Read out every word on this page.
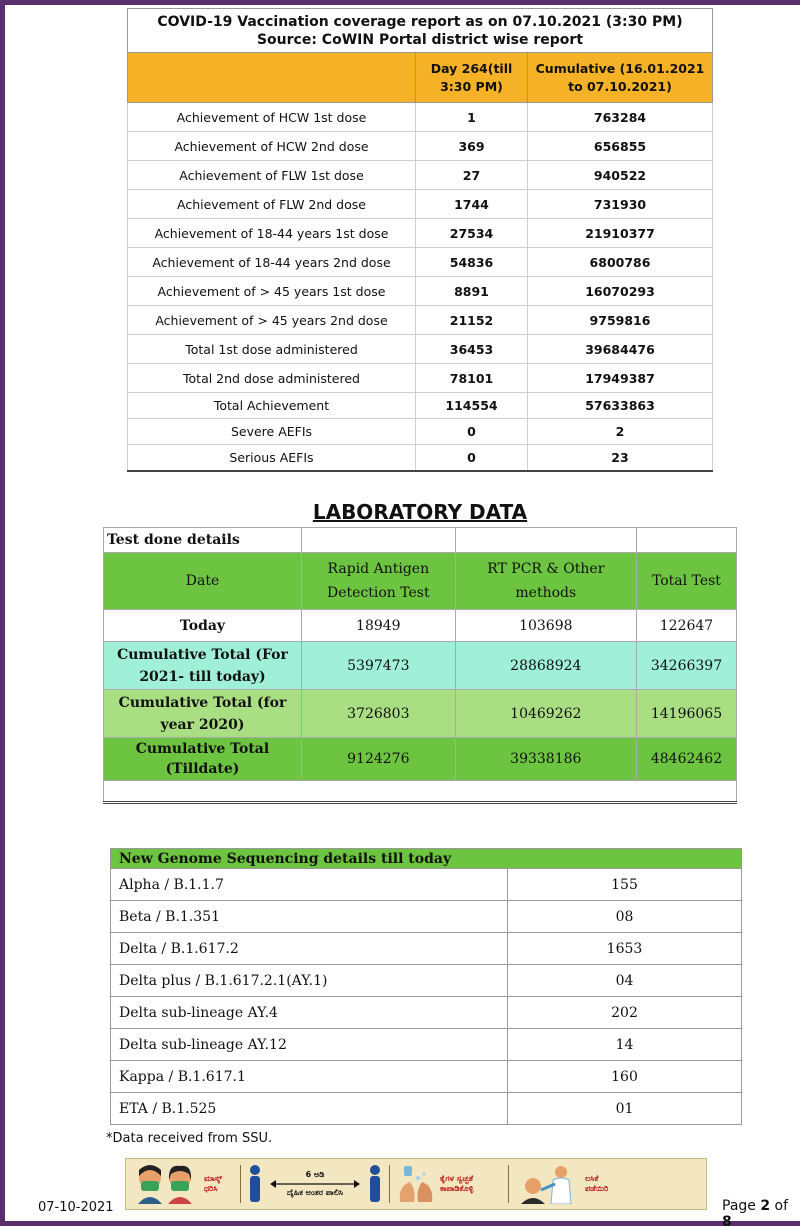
COVID-19 Vaccination coverage report as on 07.10.2021 (3:30 PM)
Source: CoWIN Portal district wise report		

	Day 264(till 3:30 PM)	Cumulative (16.01.2021 to 07.10.2021)

Achievement of HCW 1st dose	1	763284
Achievement of HCW 2nd dose	369	656855
Achievement of FLW 1st dose	27	940522
Achievement of FLW 2nd dose	1744	731930
Achievement of 18-44 years 1st dose	27534	21910377
Achievement of 18-44 years 2nd dose	54836	6800786
Achievement of > 45 years 1st dose	8891	16070293
Achievement of > 45 years 2nd dose	21152	9759816
Total 1st dose administered	36453	39684476
Total 2nd dose administered	78101	17949387
Total Achievement	114554	57633863
Severe AEFIs	0	2
Serious AEFIs	0	23
LABORATORY DATA
Test done details			
Date	Rapid Antigen Detection Test	RT PCR & Other methods	Total Test
Today	18949	103698	122647
Cumulative Total (For 2021- till today)	5397473	28868924	34266397
Cumulative Total (for year 2020)	3726803	10469262	14196065
Cumulative Total (Tilldate)	9124276	39338186	48462462

New Genome Sequencing details till today	
Alpha / B.1.1.7	155
Beta / B.1.351	08
Delta / B.1.617.2	1653
Delta plus / B.1.617.2.1(AY.1)	04
Delta sub-lineage AY.4	202
Delta sub-lineage AY.12	14
Kappa / B.1.617.1	160
ETA / B.1.525	01
*Data received from SSU.
ಮಾಸ್ಕ್ ಧರಿಸಿ
6 ಅಡಿ
ದೈಹಿಕ ಅಂತರ ಪಾಲಿಸಿ
ಕೈಗಳ ಸ್ವಚ್ಛತೆ ಕಾಪಾಡಿಕೊಳ್ಳಿ
ಲಸಿಕೆ ಪಡೆಯಿರಿ
07-10-2021	Page 2 of 8
